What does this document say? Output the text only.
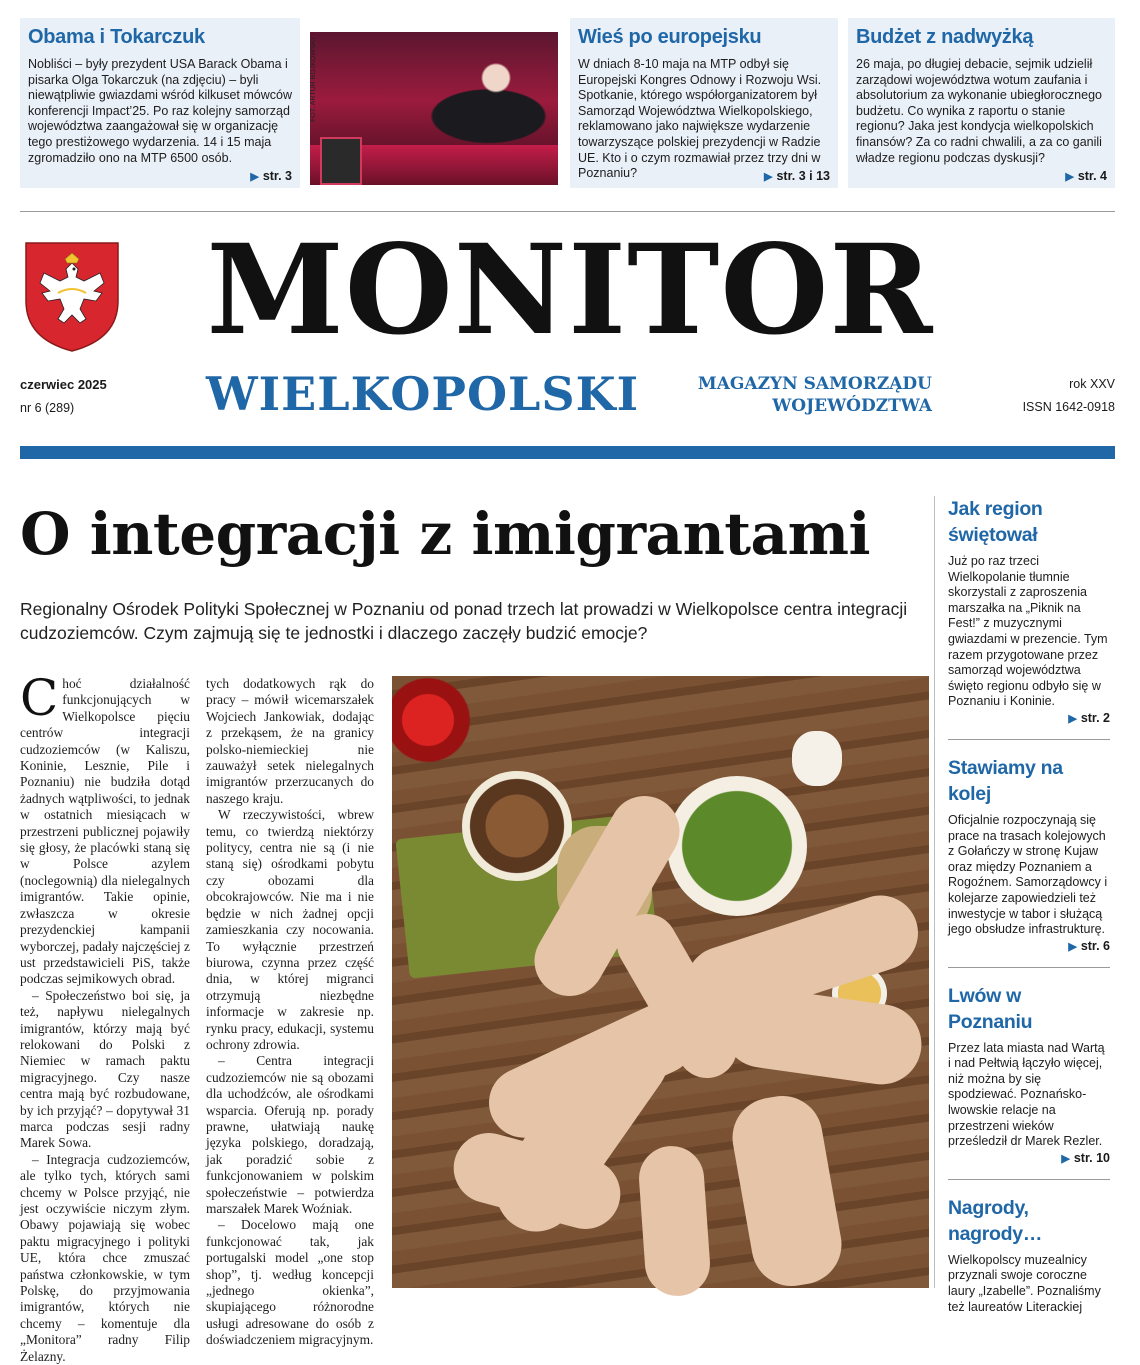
Obama i Tokarczuk

Nobliści – były prezydent USA Barack Obama i pisarka Olga Tokarczuk (na zdjęciu) – byli niewątpliwie gwiazdami wśród kilkuset mówców konferencji Impact’25. Po raz kolejny samorząd województwa zaangażował się w organizację tego prestiżowego wydarzenia. 14 i 15 maja zgromadziło ono na MTP 6500 osób.

▶ str. 3
FOT. ARTUR BOJKOWSKI
Wieś po europejsku

W dniach 8-10 maja na MTP odbył się Europejski Kongres Odnowy i Rozwoju Wsi. Spotkanie, którego współorganizatorem był Samorząd Województwa Wielkopolskiego, reklamowano jako największe wydarzenie towarzyszące polskiej prezydencji w Radzie UE. Kto i o czym rozmawiał przez trzy dni w Poznaniu?	▶ str. 3 i 13
Budżet z nadwyżką

26 maja, po długiej debacie, sejmik udzielił zarządowi województwa wotum zaufania i absolutorium za wykonanie ubiegłorocznego budżetu. Co wynika z raportu o stanie regionu? Jaka jest kondycja wielkopolskich finansów? Za co radni chwalili, a za co ganili władze regionu podczas dyskusji?

▶ str. 4
MONITOR
WIELKOPOLSKI	MAGAZYN SAMORZĄDU
WOJEWÓDZTWA
czerwiec 2025
nr 6 (289)
rok XXV
ISSN 1642-0918
O integracji z imigrantami

Regionalny Ośrodek Polityki Społecznej w Poznaniu od ponad trzech lat prowadzi w Wielkopolsce centra integracji cudzoziemców. Czym zajmują się te jednostki i dlaczego zaczęły budzić emocje?

Choć działalność funkcjonujących w Wielkopolsce pięciu centrów integracji cudzoziemców (w Kaliszu, Koninie, Lesznie, Pile i Poznaniu) nie budziła dotąd żadnych wątpliwości, to jednak w ostatnich miesiącach w przestrzeni publicznej pojawiły się głosy, że placówki staną się w Polsce azylem (noclegownią) dla nielegalnych imigrantów. Takie opinie, zwłaszcza w okresie prezydenckiej kampanii wyborczej, padały najczęściej z ust przedstawicieli PiS, także podczas sejmikowych obrad.

– Społeczeństwo boi się, ja też, napływu nielegalnych imigrantów, którzy mają być relokowani do Polski z Niemiec w ramach paktu migracyjnego. Czy nasze centra mają być rozbudowane, by ich przyjąć? – dopytywał 31 marca podczas sesji radny Marek Sowa.

– Integracja cudzoziemców, ale tylko tych, których sami chcemy w Polsce przyjąć, nie jest oczywiście niczym złym. Obawy pojawiają się wobec paktu migracyjnego i polityki UE, która chce zmuszać państwa członkowskie, w tym Polskę, do przyjmowania imigrantów, których nie chcemy – komentuje dla „Monitora” radny Filip Żelazny.

tych dodatkowych rąk do pracy – mówił wicemarszałek Wojciech Jankowiak, dodając z przekąsem, że na granicy polsko-niemieckiej nie zauważył setek nielegalnych imigrantów przerzucanych do naszego kraju.

W rzeczywistości, wbrew temu, co twierdzą niektórzy politycy, centra nie są (i nie staną się) ośrodkami pobytu czy obozami dla obcokrajowców. Nie ma i nie będzie w nich żadnej opcji zamieszkania czy nocowania. To wyłącznie przestrzeń biurowa, czynna przez część dnia, w której migranci otrzymują niezbędne informacje w zakresie np. rynku pracy, edukacji, systemu ochrony zdrowia.

– Centra integracji cudzoziemców nie są obozami dla uchodźców, ale ośrodkami wsparcia. Oferują np. porady prawne, ułatwiają naukę języka polskiego, doradzają, jak poradzić sobie z funkcjonowaniem w polskim społeczeństwie – potwierdza marszałek Marek Woźniak.

– Docelowo mają one funkcjonować tak, jak portugalski model „one stop shop”, tj. według koncepcji „jednego okienka”, skupiającego różnorodne usługi adresowane do osób z doświadczeniem migracyjnym.

Jak region świętował

Już po raz trzeci Wielkopolanie tłumnie skorzystali z zaproszenia marszałka na „Piknik na Fest!” z muzycznymi gwiazdami w prezencie. Tym razem przygotowane przez samorząd województwa święto regionu odbyło się w Poznaniu i Koninie.

▶ str. 2
Stawiamy na kolej

Oficjalnie rozpoczynają się prace na trasach kolejowych z Gołańczy w stronę Kujaw oraz między Poznaniem a Rogoźnem. Samorządowcy i kolejarze zapowiedzieli też inwestycje w tabor i służącą jego obsłudze infrastrukturę.

▶ str. 6
Lwów w Poznaniu

Przez lata miasta nad Wartą i nad Pełtwią łączyło więcej, niż można by się spodziewać. Poznańsko-lwowskie relacje na przestrzeni wieków prześledził dr Marek Rezler.

▶ str. 10
Nagrody, nagrody…

Wielkopolscy muzealnicy przyznali swoje coroczne laury „Izabelle”. Poznaliśmy też laureatów Literackiej
